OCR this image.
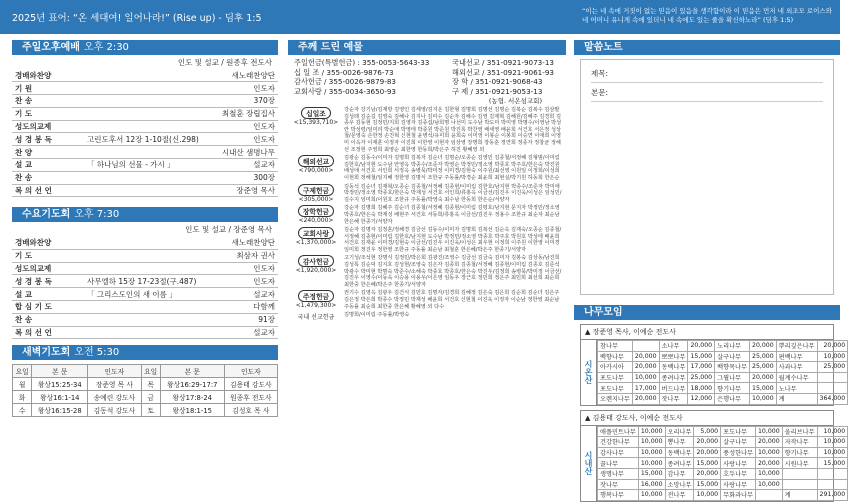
2025년 표어: “온 세대여! 일어나라!” (Rise up) - 딤후 1:5
“이는 네 속에 거짓이 없는 믿음이 있음을 생각함이라 이 믿음은 먼저 네 외조모 로이스와 네 어머니 유니게 속에 있더니 네 속에도 있는 줄을 확신하노라” (딤후 1:5)
주일오후예배 오후 2:30
인도 및 설교 / 원종후 전도사
경배와찬양		새노래찬양단
기 원		인도자
찬 송		370장
기 도		최철훈 장립집사
성도의교제		인도자
성 경 봉 독	고린도후서 12장 1-10절(신.298)	인도자
찬 양		시내산 샘명나무
설 교	「 하나님의 선물 - 가시 」	설교자
찬 송		300장
복 의 선 언		장준영 목사
수요기도회 오후 7:30
인도 및 설교 / 장준영 목사
경배와찬양		새노래찬양단
기 도		최삼자 권사
성도의교제		인도자
성 경 봉 독	사무엘하 15장 17-23절(구.487)	인도자
설 교	「 그리스도인의 새 이름 」	설교자
합 심 기 도		다함께
찬 송		91장
복 의 선 언		설교자
새벽기도회 오전 5:30
요일	본 문	인도자	요일	본 문	인도자
월	왕상15:25-34	장준영 목 사	목	왕상16:29-17:7	김용태 강도사
화	왕상16:1-14	송예린 강도사	금	왕상17:8-24	원종후 전도사
수	왕상16:15-28	김동석 강도사	토	왕상18:1-15	김성호 목 사
주께 드린 예물
주일헌금(특별헌금) : 355-0053-5643-33	국내선교 / 351-0921-9073-13
십 일 조 / 355-0026-9876-73	해외선교 / 351-0921-9061-93
감사헌금 / 355-0026-9879-83	장 학 / 351-0921-9068-43
교회사랑 / 355-0034-3650-93	구 제 / 351-0921-9053-13
(농협. 서온섬교회)
십일조
<15,393,710>
강순자 강기남/김재방 김영인 김세영/김지온 김한형 김명희 김명선 김명순 김복순 김복수 김삼팔 김성래 김순길 김영숙 김혜나 김지나 김미수 김순자 김해수 김영 김제혁 김혜원/김혜주 김경희 김종우 김동현 김정민/지희 김영자 김종섭/남희명 나선미 도수남 박도미 박미영 박명수/이영남 박성란 박성령/임미리 박순애 박영태 박종원 박준원 박진록 박찬영 배세영 배윤희 서건호 서은정 성상철/문영숙 손한정 손진혁 신현철 윤병석/유미희 윤희숙 이미영 이봉순 이봉희 이승연 이애희 이영미 이옥자 이재훈 이정자 이진희 이한영 이현자 임상영 장명희 장동훈 정연희 정종자 정창균 정해선 조정현 주영희 최영순 최한영 한동희/박은주 허진 황혜영 외
해외선교
<790,000>
김광순 김동수/이미자 김명희 김복자 김순녀 김명순/오종순 김영민 김종철/서정혜 김형범/이미림 김한호/남지현 도수남 안영옥 박종수/조준자 박영순 박정민/정소영 박종호 박주호/한은숙 박진원 배성애 서건호 서인희 서정옥 송병묵/박미정 이미경/김현숙 이주원/최선영 이원일 이정희/이성희 이현희 정해철/임지혜 정한영 김명식 조한규 주동률/박경순 최윤희 최현실/박기원 하동희 한은순
구제헌금
<305,000>
김동석 김순녀 김재혁/오종순 김종철/서정혜 김종현/이미림 김한호/남지현 박종수/조준자 박미애 박정민/정소영 박종호/한은숙 박재성 서건호 서인희/류홍옥 이금선/김진우 이진욱/이성은 임성민/김수지 임미희/이원호 조한규 주동률/박영숙 최수남 한동희 한은순/서양자
장학헌금
<240,000>
강순자 김명희 김혜주 김순녀 김종철/서정혜 김종현/이미림 김평호/남지현 문지자 박정민/정소영 박종호/한은숙 박재성 배현주 서건호 서동희/류홍옥 이금선/김진우 정용수 조한규 최순자 최순남 한은혜 한종기/서양자
교회사랑
<1,370,000>
김순자 김명자 김정훈/정해경 김금선 김동수/이미자 김명희 김복선 김순옥 김재숙/오종순 김종철/서정혜 김종현/이미림 김한호/남지현 도수남 박정민/정소영 박종호 박주호 박원호 박성태 배윤희 서건호 김재윤 이미경/김현숙 이금선/김진우 이진욱/이성은 최우현 이정희 이주원 이한영 이미경 임미희 정진우 정한영 조한규 주동률 최순남 최철훈 한은혜/박은주 한종기/서양자
감사헌금
<1,920,000>
고기성/조석현 강명식 김정민/박은희 김광진/조영수 김금선 김금숙 김미자 김봉숙 김상동/남진희 김성록 김순덕 김지호 김성현/조영숙 김은자 김종희 김종철/서정혜 김종현/이미림 김종호 김준석 박광수 박미현 박명숙 박준수/소해숙 박종호 박종호/한은숙 박진우/김정희 송병묵/박미정 이금선/김진우 이영수/이동욱 이승용 이용우/이은영 임동우 장근호 정민희 정은주 최민희 최선희 최순희 최한중 한은혜/박은주 한종기/서양자
주정헌금
<1,479,300>
권기수 김영옥 김광우 김건식 김민호 김명자/김경희 김혜정 김은숙 김은희 김순희 김순녀 김은주 김은정 박은희 박종수 박정민 박재성 배윤희 서건호 신현철 이진욱 이정자 이순남 정한영 최순남 주동률 최순희 최한중 한은혜 황혜영 외 다수
국내 선교헌금	김명희/이미림 주동률/박영숙
말씀노트
제목:
본문:
나무모임
▲ 장준영 목사, 이예순 전도사
시온산
참나무		소나무	20,000	노리나무	20,000	뿌리깊은나무	20,000
백향나무	20,000	뽀뽀나무	15,000	살구나무	25,000	편백나무	10,000
아카시아	20,000	동백나무	17,000	백향목나무	25,000	사과나무	25,000
포도나무	10,000	종려나무	25,000	그뭘나무	20,000	월계수나무	
포도나무	17,000	버드나무	18,000	향기나무	15,000	노나무	
오렌지나무	20,000	잣나무	12,000	은행나무	10,000	계	364,000
▲ 김용태 강도사, 이예순 전도사
시내산
애플민트나무	10,000	오리나무	5,000	포도나무	10,000	올리브나무	10,000
건강한나무	10,000	뽕나무	20,000	살구나무	20,000	자작나무	10,000
감사나무	10,000	동백나무	20,000	풍성한나무	10,000	향기나무	10,000
꿀나무	10,000	종려나무	15,000	사랑나무	20,000	시원나무	15,000
생명나무	15,000	감나무	20,000	호두나무	10,000		
잣나무	16,000	소망나무	15,000	사랑나무	10,000		
행복나무	10,000	전나무	10,000	무화과나무		계	291,000
